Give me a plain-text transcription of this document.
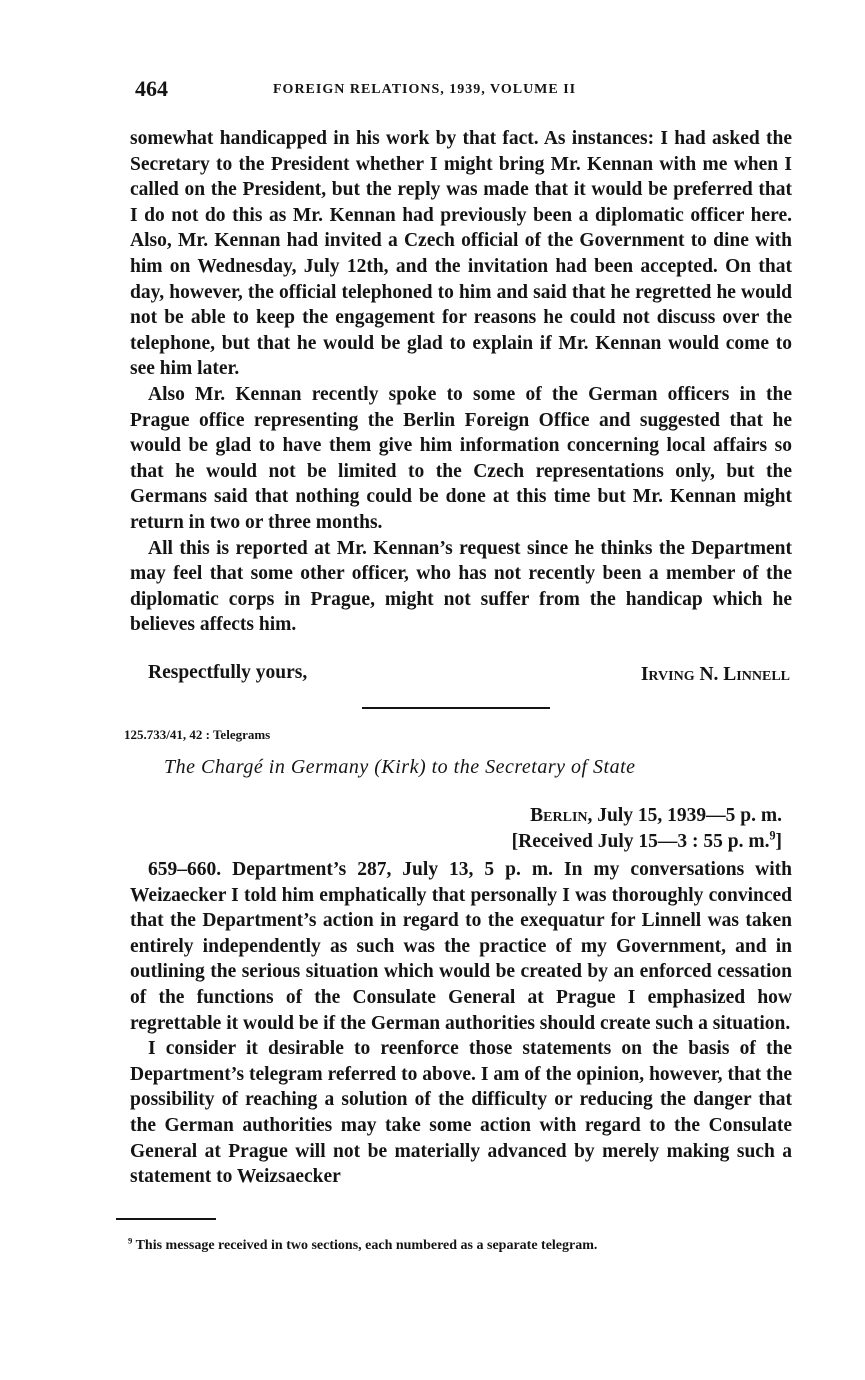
464	FOREIGN RELATIONS, 1939, VOLUME II

somewhat handicapped in his work by that fact. As instances: I had asked the Secretary to the President whether I might bring Mr. Kennan with me when I called on the President, but the reply was made that it would be preferred that I do not do this as Mr. Kennan had previously been a diplomatic officer here. Also, Mr. Kennan had invited a Czech official of the Government to dine with him on Wednesday, July 12th, and the invitation had been accepted. On that day, however, the official telephoned to him and said that he regretted he would not be able to keep the engagement for reasons he could not discuss over the telephone, but that he would be glad to explain if Mr. Kennan would come to see him later.

Also Mr. Kennan recently spoke to some of the German officers in the Prague office representing the Berlin Foreign Office and suggested that he would be glad to have them give him information concerning local affairs so that he would not be limited to the Czech representations only, but the Germans said that nothing could be done at this time but Mr. Kennan might return in two or three months.

All this is reported at Mr. Kennan’s request since he thinks the Department may feel that some other officer, who has not recently been a member of the diplomatic corps in Prague, might not suffer from the handicap which he believes affects him.

Respectfully yours,	Irving N. Linnell
125.733/41, 42 : Telegrams
The Chargé in Germany (Kirk) to the Secretary of State
Berlin, July 15, 1939—5 p. m.
[Received July 15—3 : 55 p. m.$^9$]

659–660. Department’s 287, July 13, 5 p. m. In my conversations with Weizaecker I told him emphatically that personally I was thoroughly convinced that the Department’s action in regard to the exequatur for Linnell was taken entirely independently as such was the practice of my Government, and in outlining the serious situation which would be created by an enforced cessation of the functions of the Consulate General at Prague I emphasized how regrettable it would be if the German authorities should create such a situation.

I consider it desirable to reenforce those statements on the basis of the Department’s telegram referred to above. I am of the opinion, however, that the possibility of reaching a solution of the difficulty or reducing the danger that the German authorities may take some action with regard to the Consulate General at Prague will not be materially advanced by merely making such a statement to Weizsaecker

$^9$ This message received in two sections, each numbered as a separate telegram.
